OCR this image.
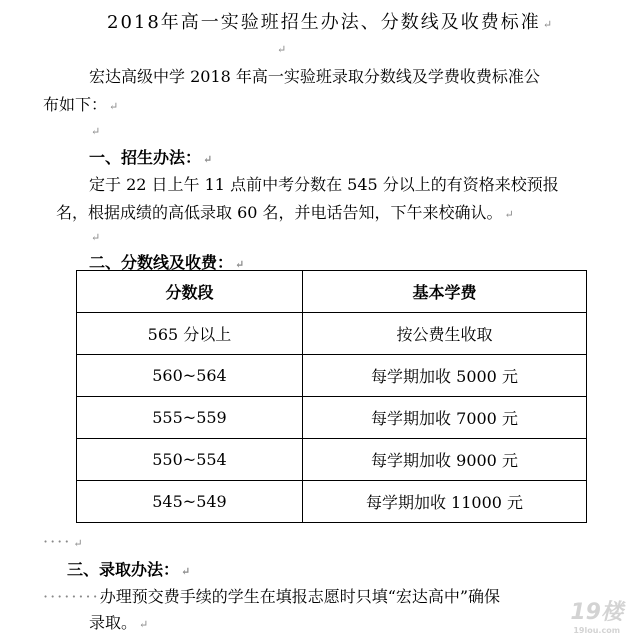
2018年高一实验班招生办法、分数线及收费标准 ↵
↵
宏达高级中学 2018 年高一实验班录取分数线及学费收费标准公
布如下： ↵
↵
一、招生办法： ↵
定于 22 日上午 11 点前中考分数在 545 分以上的有资格来校预报
名，根据成绩的高低录取 60 名，并电话告知，下午来校确认。 ↵
↵
二、分数线及收费： ↵
分数段	基本学费
565 分以上	按公费生收取
560~564	每学期加收 5000 元
555~559	每学期加收 7000 元
550~554	每学期加收 9000 元
545~549	每学期加收 11000 元
···· ↵
三、录取办法： ↵
········办理预交费手续的学生在填报志愿时只填“宏达高中”确保
录取。 ↵	19楼
19lou.com
